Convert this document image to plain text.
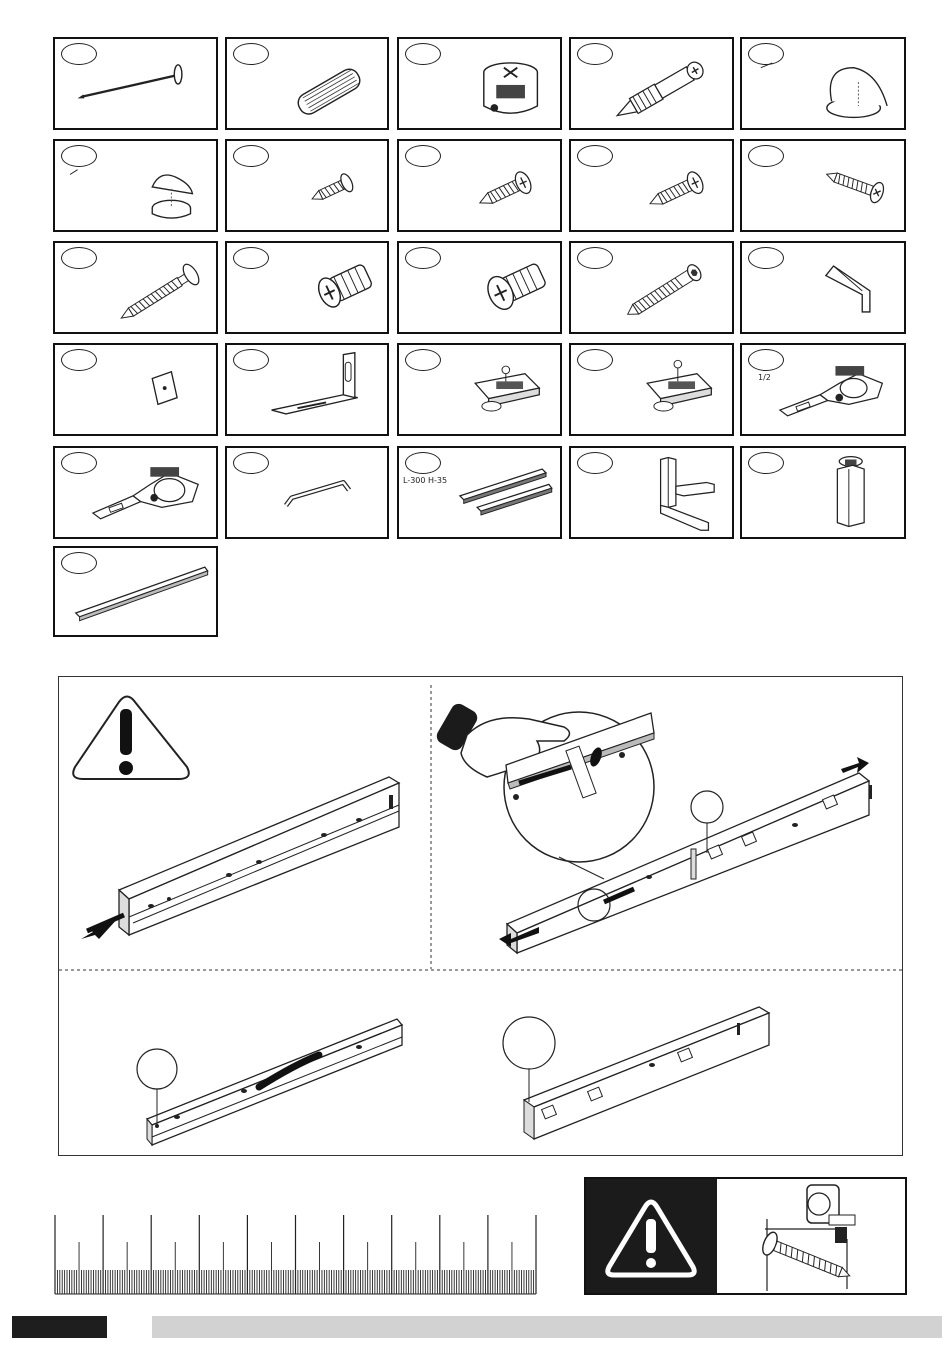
1/2
L-300 H-35
